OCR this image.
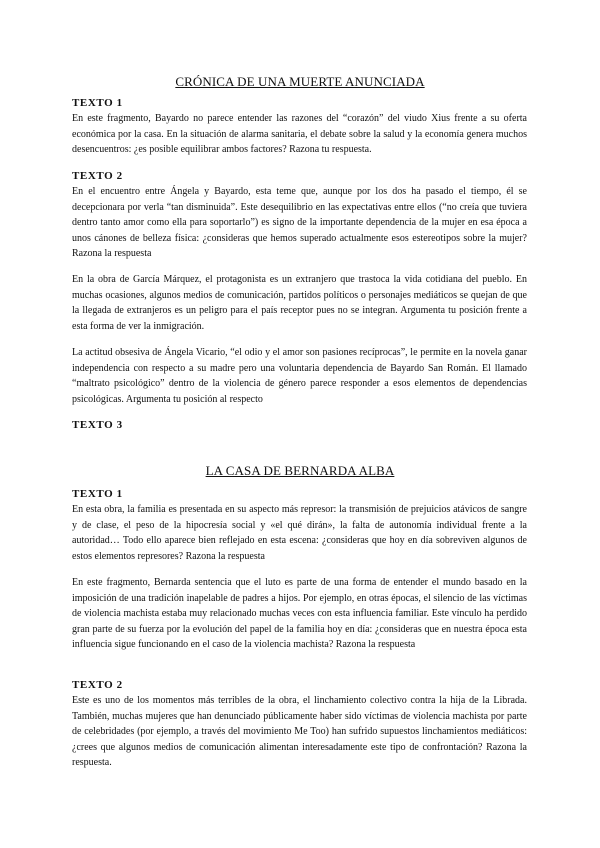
CRÓNICA DE UNA MUERTE ANUNCIADA
TEXTO 1
En este fragmento, Bayardo no parece entender las razones del “corazón” del viudo Xius frente a su oferta económica por la casa. En la situación de alarma sanitaria, el debate sobre la salud y la economía genera muchos desencuentros: ¿es posible equilibrar ambos factores? Razona tu respuesta.
TEXTO 2
En el encuentro entre Ángela y Bayardo, esta teme que, aunque por los dos ha pasado el tiempo, él se decepcionara por verla “tan disminuida”. Este desequilibrio en las expectativas entre ellos (“no creía que tuviera dentro tanto amor como ella para soportarlo”) es signo de la importante dependencia de la mujer en esa época a unos cánones de belleza física: ¿consideras que hemos superado actualmente esos estereotipos sobre la mujer? Razona la respuesta
En la obra de García Márquez, el protagonista es un extranjero que trastoca la vida cotidiana del pueblo. En muchas ocasiones, algunos medios de comunicación, partidos políticos o personajes mediáticos se quejan de que la llegada de extranjeros es un peligro para el país receptor pues no se integran. Argumenta tu posición frente a esta forma de ver la inmigración.
La actitud obsesiva de Ángela Vicario, “el odio y el amor son pasiones recíprocas”, le permite en la novela ganar independencia con respecto a su madre pero una voluntaria dependencia de Bayardo San Román. El llamado “maltrato psicológico” dentro de la violencia de género parece responder a esos elementos de dependencias psicológicas. Argumenta tu posición al respecto
TEXTO 3
LA CASA DE BERNARDA ALBA
TEXTO 1
En esta obra, la familia es presentada en su aspecto más represor: la transmisión de prejuicios atávicos de sangre y de clase, el peso de la hipocresía social y «el qué dirán», la falta de autonomía individual frente a la autoridad… Todo ello aparece bien reflejado en esta escena: ¿consideras que hoy en día sobreviven algunos de estos elementos represores? Razona la respuesta
En este fragmento, Bernarda sentencia que el luto es parte de una forma de entender el mundo basado en la imposición de una tradición inapelable de padres a hijos. Por ejemplo, en otras épocas, el silencio de las víctimas de violencia machista estaba muy relacionado muchas veces con esta influencia familiar. Este vínculo ha perdido gran parte de su fuerza por la evolución del papel de la familia hoy en día: ¿consideras que en nuestra época esta influencia sigue funcionando en el caso de la violencia machista? Razona la respuesta
TEXTO 2
Este es uno de los momentos más terribles de la obra, el linchamiento colectivo contra la hija de la Librada. También, muchas mujeres que han denunciado públicamente haber sido víctimas de violencia machista por parte de celebridades (por ejemplo, a través del movimiento Me Too) han sufrido supuestos linchamientos mediáticos: ¿crees que algunos medios de comunicación alimentan interesadamente este tipo de confrontación? Razona la respuesta.
